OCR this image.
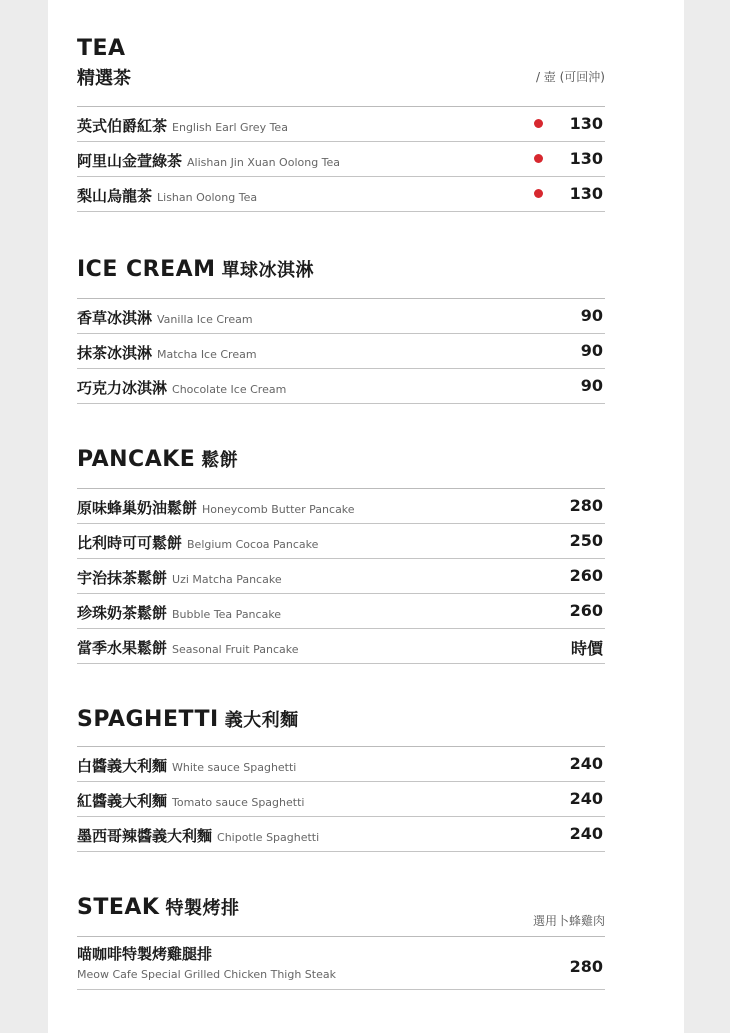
TEA
精選茶	/ 壺 (可回沖)
英式伯爵紅茶 English Earl Grey Tea	130
阿里山金萱綠茶 Alishan Jin Xuan Oolong Tea	130
梨山烏龍茶 Lishan Oolong Tea	130
ICE CREAM 單球冰淇淋
香草冰淇淋 Vanilla Ice Cream	90
抹茶冰淇淋 Matcha Ice Cream	90
巧克力冰淇淋 Chocolate Ice Cream	90
PANCAKE 鬆餅
原味蜂巢奶油鬆餅 Honeycomb Butter Pancake	280
比利時可可鬆餅 Belgium Cocoa Pancake	250
宇治抹茶鬆餅 Uzi Matcha Pancake	260
珍珠奶茶鬆餅 Bubble Tea Pancake	260
當季水果鬆餅 Seasonal Fruit Pancake	時價
SPAGHETTI 義大利麵
白醬義大利麵 White sauce Spaghetti	240
紅醬義大利麵 Tomato sauce Spaghetti	240
墨西哥辣醬義大利麵 Chipotle Spaghetti	240
STEAK 特製烤排
選用卜蜂雞肉
喵咖啡特製烤雞腿排
Meow Cafe Special Grilled Chicken Thigh Steak	280
